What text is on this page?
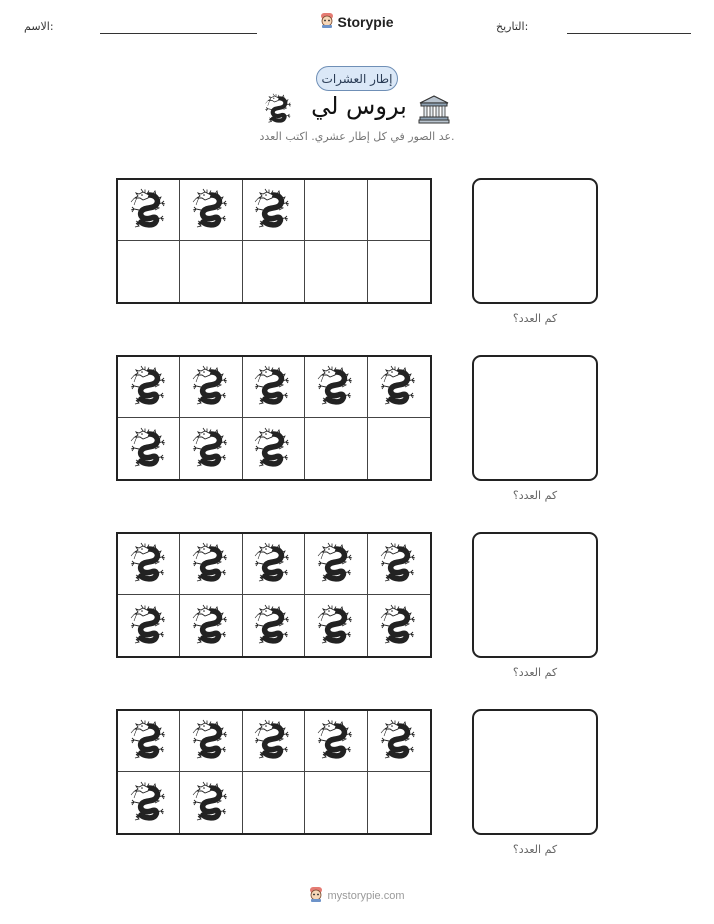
الاسم:	Storypie	التاريخ:
إطار العشرات
بروس لي
عد الصور في كل إطار عشري. اكتب العدد.
كم العدد؟
كم العدد؟
كم العدد؟
كم العدد؟
mystorypie.com
